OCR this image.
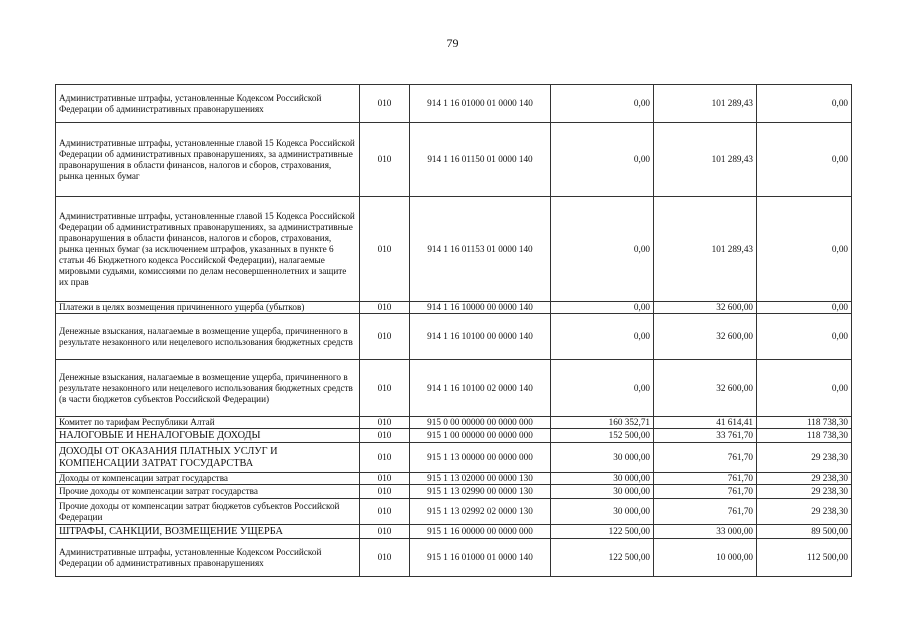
79
Административные штрафы, установленные Кодексом Российской Федерации об административных правонарушениях	010	914 1 16 01000 01 0000 140	0,00	101 289,43	0,00
Административные штрафы, установленные главой 15 Кодекса Российской Федерации об административных правонарушениях, за административные правонарушения в области финансов, налогов и сборов, страхования, рынка ценных бумаг	010	914 1 16 01150 01 0000 140	0,00	101 289,43	0,00
Административные штрафы, установленные главой 15 Кодекса Российской Федерации об административных правонарушениях, за административные правонарушения в области финансов, налогов и сборов, страхования, рынка ценных бумаг (за исключением штрафов, указанных в пункте 6 статьи 46 Бюджетного кодекса Российской Федерации), налагаемые мировыми судьями, комиссиями по делам несовершеннолетних и защите их прав	010	914 1 16 01153 01 0000 140	0,00	101 289,43	0,00
Платежи в целях возмещения причиненного ущерба (убытков)	010	914 1 16 10000 00 0000 140	0,00	32 600,00	0,00
Денежные взыскания, налагаемые в возмещение ущерба, причиненного в результате незаконного или нецелевого использования бюджетных средств	010	914 1 16 10100 00 0000 140	0,00	32 600,00	0,00
Денежные взыскания, налагаемые в возмещение ущерба, причиненного в результате незаконного или нецелевого использования бюджетных средств (в части бюджетов субъектов Российской Федерации)	010	914 1 16 10100 02 0000 140	0,00	32 600,00	0,00
Комитет по тарифам Республики Алтай	010	915 0 00 00000 00 0000 000	160 352,71	41 614,41	118 738,30
НАЛОГОВЫЕ И НЕНАЛОГОВЫЕ ДОХОДЫ	010	915 1 00 00000 00 0000 000	152 500,00	33 761,70	118 738,30
ДОХОДЫ ОТ ОКАЗАНИЯ ПЛАТНЫХ УСЛУГ И КОМПЕНСАЦИИ ЗАТРАТ ГОСУДАРСТВА	010	915 1 13 00000 00 0000 000	30 000,00	761,70	29 238,30
Доходы от компенсации затрат государства	010	915 1 13 02000 00 0000 130	30 000,00	761,70	29 238,30
Прочие доходы от компенсации затрат государства	010	915 1 13 02990 00 0000 130	30 000,00	761,70	29 238,30
Прочие доходы от компенсации затрат бюджетов субъектов Российской Федерации	010	915 1 13 02992 02 0000 130	30 000,00	761,70	29 238,30
ШТРАФЫ, САНКЦИИ, ВОЗМЕЩЕНИЕ УЩЕРБА	010	915 1 16 00000 00 0000 000	122 500,00	33 000,00	89 500,00
Административные штрафы, установленные Кодексом Российской Федерации об административных правонарушениях	010	915 1 16 01000 01 0000 140	122 500,00	10 000,00	112 500,00
